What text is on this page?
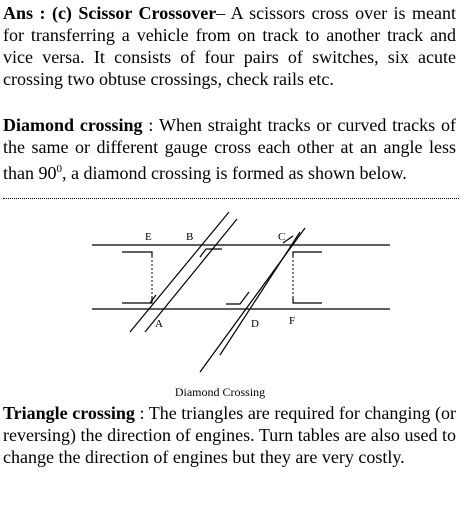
Ans : (c) Scissor Crossover– A scissors cross over is meant for transferring a vehicle from on track to another track and vice versa. It consists of four pairs of switches, six acute crossing two obtuse crossings, check rails etc.

Diamond crossing : When straight tracks or curved tracks of the same or different gauge cross each other at an angle less than $90^0$, a diamond crossing is formed as shown below.

E	B	C
A	D	F
Diamond Crossing

Triangle crossing : The triangles are required for changing (or reversing) the direction of engines. Turn tables are also used to change the direction of engines but they are very costly.
